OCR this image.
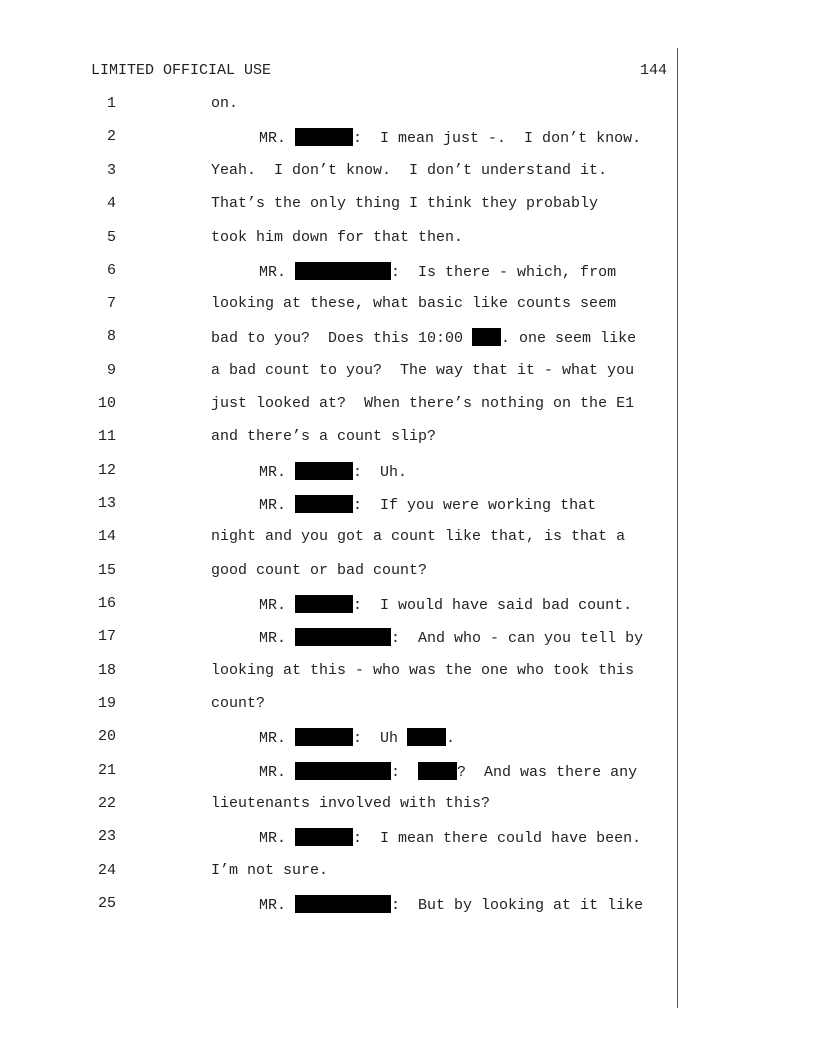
LIMITED OFFICIAL USE	144
1	on.
2	MR.	:  I mean just -.  I don’t know.
3	Yeah.  I don’t know.  I don’t understand it.
4	That’s the only thing I think they probably
5	took him down for that then.
6	MR.	:  Is there - which, from
7	looking at these, what basic like counts seem
8	bad to you?  Does this 10:00 . one seem like
9	a bad count to you?  The way that it - what you
10	just looked at?  When there’s nothing on the E1
11	and there’s a count slip?
12	MR.	:  Uh.
13	MR.	:  If you were working that
14	night and you got a count like that, is that a
15	good count or bad count?
16	MR.	:  I would have said bad count.
17	MR.	:  And who - can you tell by
18	looking at this - who was the one who took this
19	count?
20	MR.	:  Uh	.
21	MR.	:	?  And was there any
22	lieutenants involved with this?
23	MR.	:  I mean there could have been.
24	I’m not sure.
25	MR.	:  But by looking at it like
